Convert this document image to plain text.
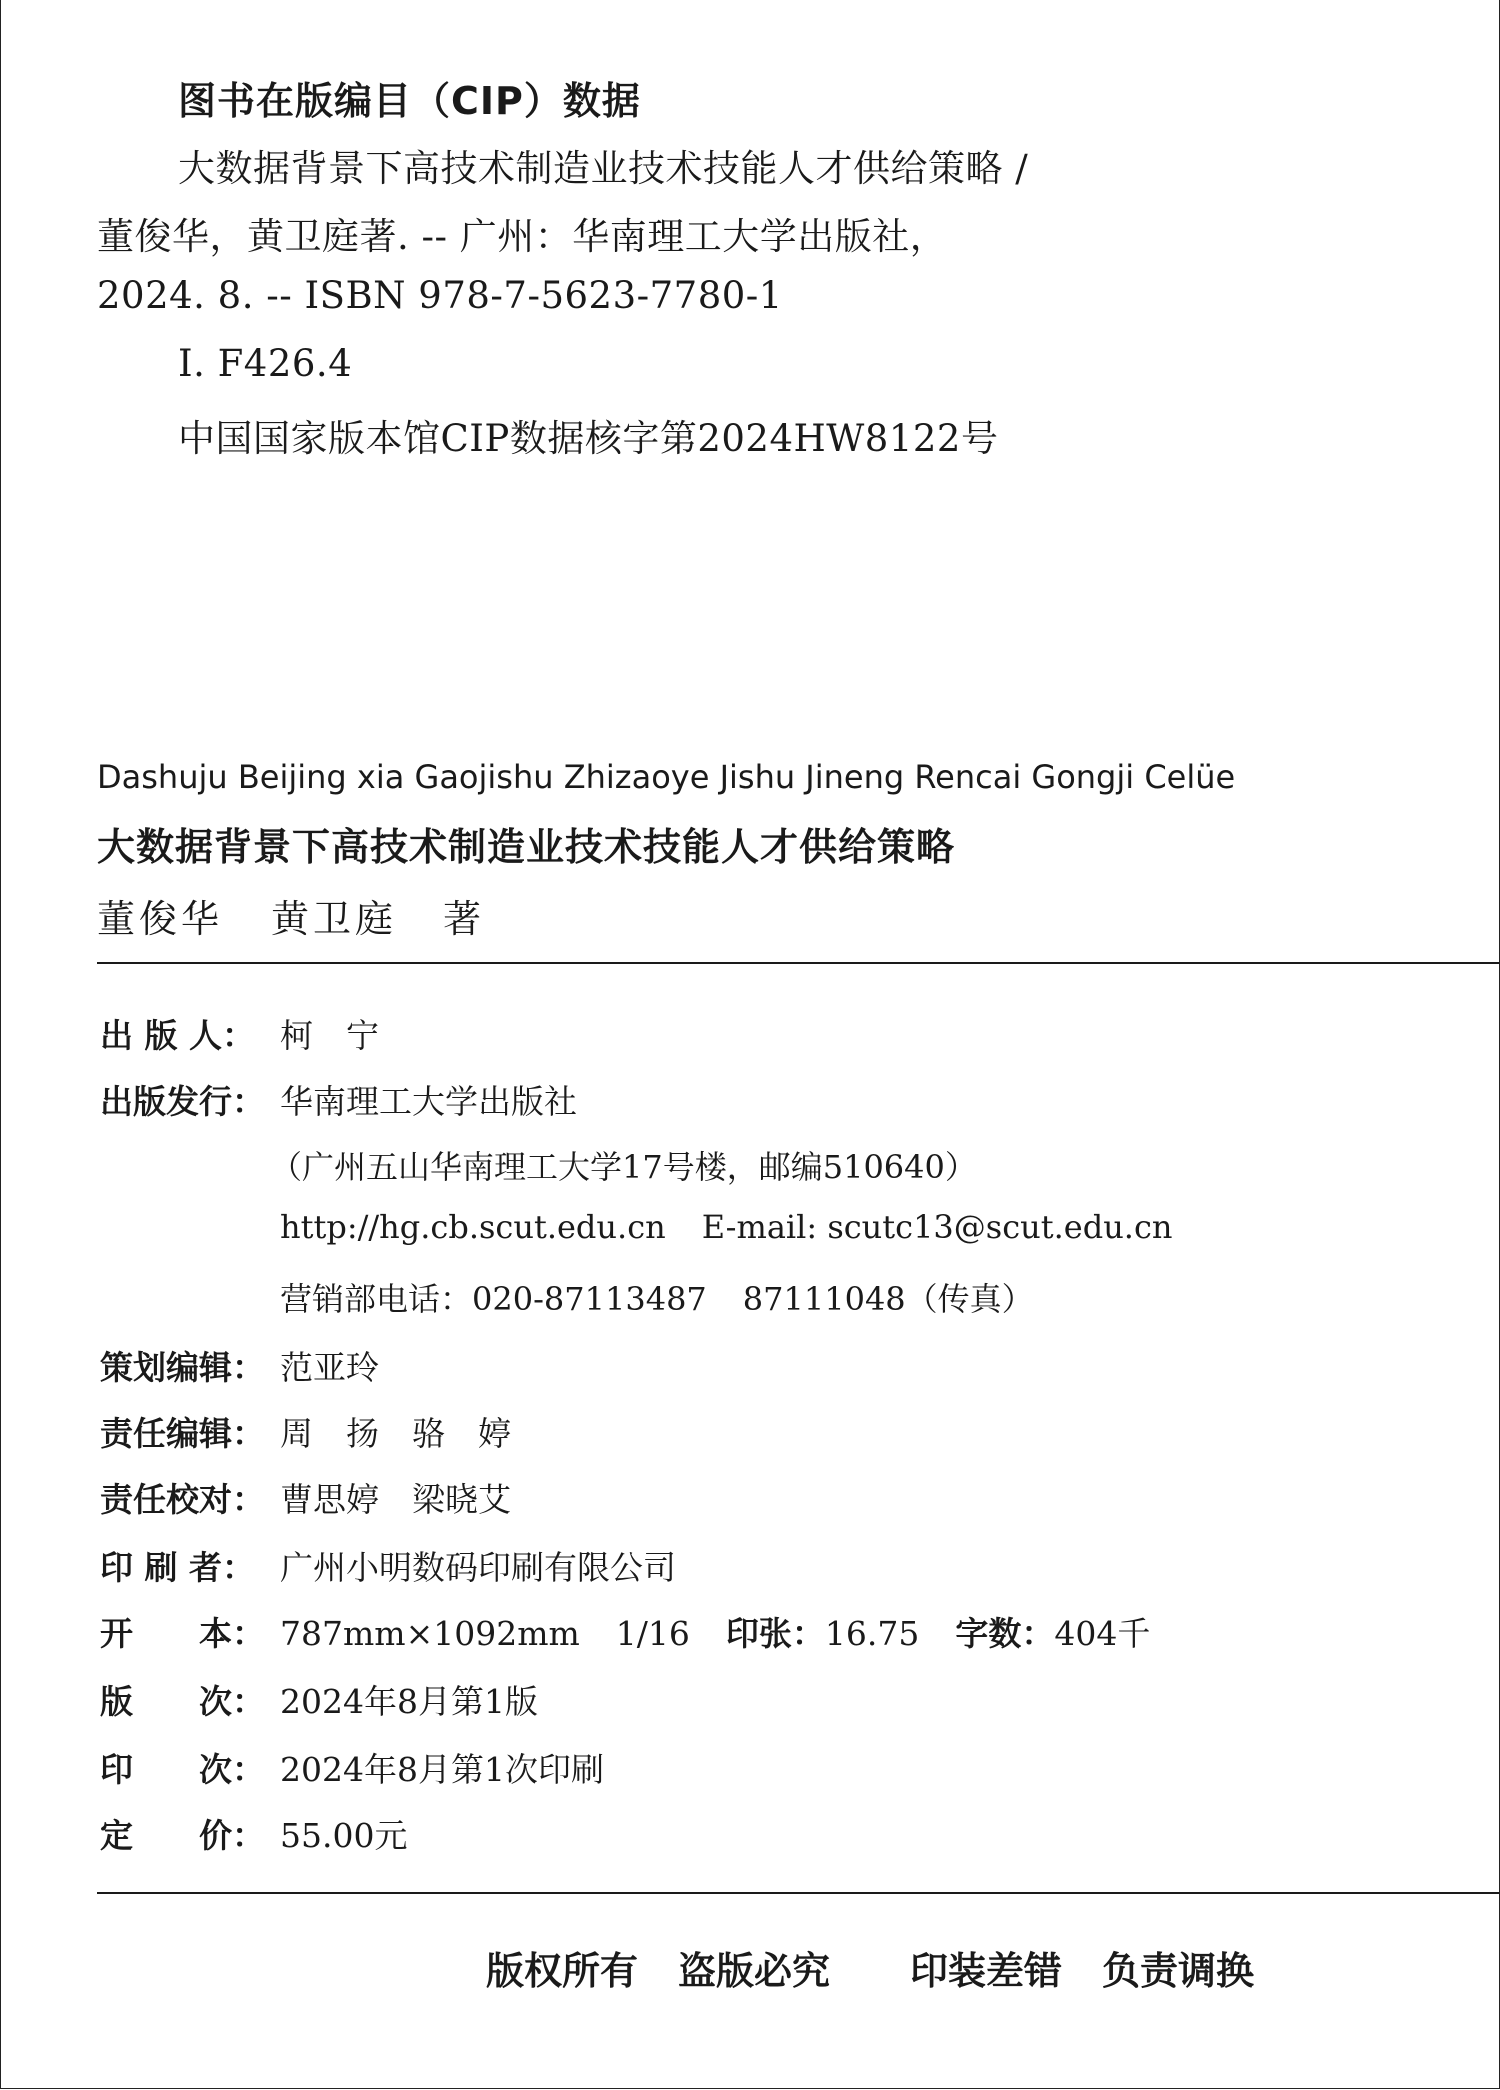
图书在版编目（CIP）数据
大数据背景下高技术制造业技术技能人才供给策略 /
董俊华，黄卫庭著. -- 广州：华南理工大学出版社，
2024. 8. -- ISBN 978-7-5623-7780-1
Ⅰ. F426.4
中国国家版本馆CIP数据核字第2024HW8122号
Dashuju Beijing xia Gaojishu Zhizaoye Jishu Jineng Rencai Gongji Celüe
大数据背景下高技术制造业技术技能人才供给策略
董俊华 黄卫庭 著
出 版 人： 柯　宁
出版发行： 华南理工大学出版社
（广州五山华南理工大学17号楼，邮编510640）
http://hg.cb.scut.edu.cn E-mail: scutc13@scut.edu.cn
营销部电话：020-87113487 87111048（传真）
策划编辑： 范亚玲
责任编辑： 周　扬　骆　婷
责任校对： 曹思婷　梁晓艾
印 刷 者： 广州小明数码印刷有限公司
开　　本： 787mm×1092mm 1/16 印张：16.75 字数：404千
版　　次： 2024年8月第1版
印　　次： 2024年8月第1次印刷
定　　价： 55.00元
版权所有 盗版必究 印装差错 负责调换
